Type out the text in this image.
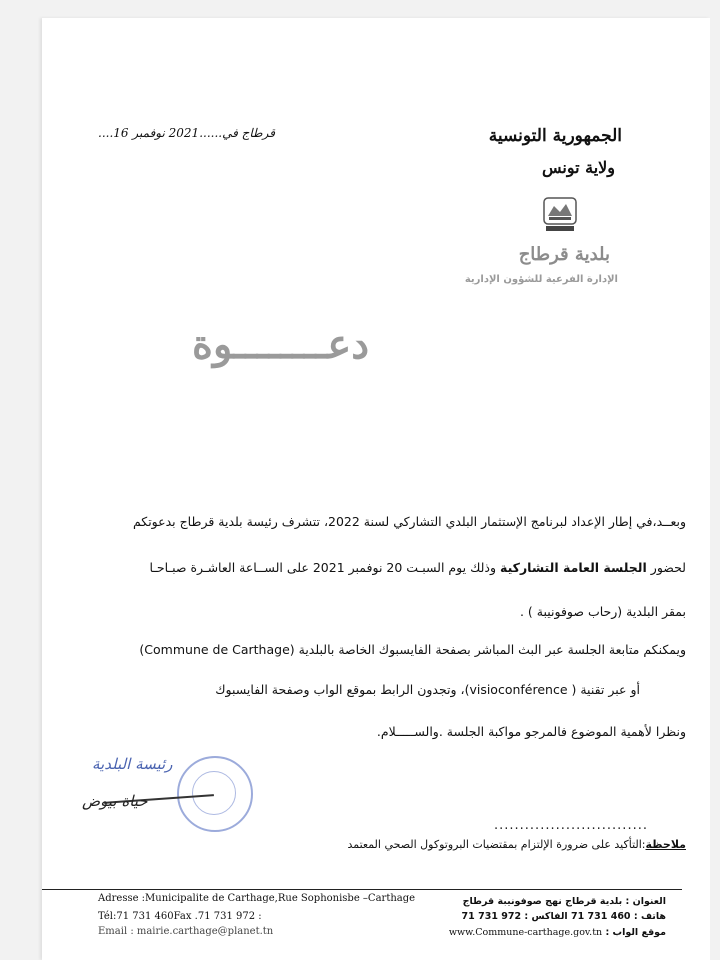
الجمهورية التونسية
ولاية تونس
بلدية قرطاج
الإدارة الفرعية للشؤون الإدارية
قرطاج في......2021 نوفمبر 16....
دعــــــــوة
وبعــد،في إطار الإعداد لبرنامج الإستثمار البلدي التشاركي لسنة 2022، تتشرف رئيسة بلدية قرطاج بدعوتكم
لحضور الجلسة العامة التشاركية وذلك يوم السبـت 20 نوفمبر 2021 على الســاعة العاشـرة صبـاحـا
بمقر البلدية (رحاب صوفونيبة ) .
ويمكنكم متابعة الجلسة عبر البث المباشر بصفحة الفايسبوك الخاصة بالبلدية (Commune de Carthage)
أو عبر تقنية ( visioconférence)، وتجدون الرابط بموقع الواب وصفحة الفايسبوك
ونظرا لأهمية الموضوع فالمرجو مواكبة الجلسة .والســـــلام.
رئيسة البلدية
حياة بيوض
..............................
ملاحظة:التأكيد على ضرورة الإلتزام بمقتضيات البروتوكول الصحي المعتمد
Adresse :Municipalite de Carthage,Rue Sophonisbe –Carthage
Tél:71 731 460Fax .71 731 972 :
Email : mairie.carthage@planet.tn
العنوان : بلدية قرطاج نهج صوفونيبة قرطاج
هاتف : 460 731 71 الفاكس : 972 731 71
موقع الواب : www.Commune-carthage.gov.tn
